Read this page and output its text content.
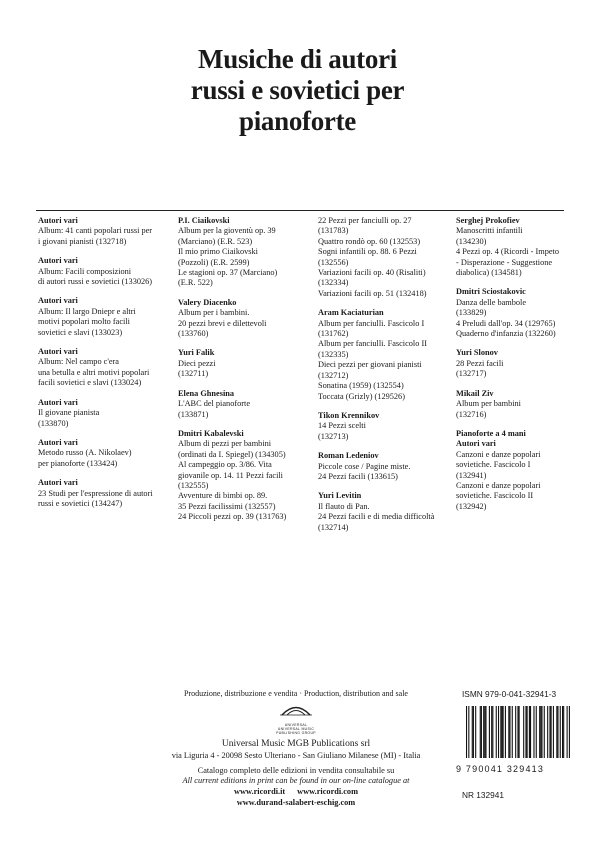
Musiche di autori
russi e sovietici per
pianoforte
Autori vari
Album: 41 canti popolari russi per
i giovani pianisti (132718)
Autori vari
Album: Facili composizioni
di autori russi e sovietici (133026)
Autori vari
Album: Il largo Dniepr e altri
motivi popolari molto facili
sovietici e slavi (133023)
Autori vari
Album: Nel campo c'era
una betulla e altri motivi popolari
facili sovietici e slavi (133024)
Autori vari
Il giovane pianista
(133870)
Autori vari
Metodo russo (A. Nikolaev)
per pianoforte (133424)
Autori vari
23 Studi per l'espressione di autori
russi e sovietici (134247)
P.I. Ciaikovski
Album per la gioventù op. 39
(Marciano) (E.R. 523)
Il mio primo Ciaikovski
(Pozzoli) (E.R. 2599)
Le stagioni op. 37 (Marciano)
(E.R. 522)
Valery Diacenko
Album per i bambini.
20 pezzi brevi e dilettevoli
(133760)
Yuri Falik
Dieci pezzi
(132711)
Elena Ghnesina
L'ABC del pianoforte
(133871)
Dmitri Kabalevski
Album di pezzi per bambini
(ordinati da I. Spiegel) (134305)
Al campeggio op. 3/86. Vita
giovanile op. 14. 11 Pezzi facili
(132555)
Avventure di bimbi op. 89.
35 Pezzi facilissimi (132557)
24 Piccoli pezzi op. 39 (131763)
22 Pezzi per fanciulli op. 27
(131783)
Quattro rondò op. 60 (132553)
Sogni infantili op. 88. 6 Pezzi
(132556)
Variazioni facili op. 40 (Risaliti)
(132334)
Variazioni facili op. 51 (132418)
Aram Kaciaturian
Album per fanciulli. Fascicolo I
(131762)
Album per fanciulli. Fascicolo II
(132335)
Dieci pezzi per giovani pianisti
(132712)
Sonatina (1959) (132554)
Toccata (Grizly) (129526)
Tikon Krennikov
14 Pezzi scelti
(132713)
Roman Ledeniov
Piccole cose / Pagine miste.
24 Pezzi facili (133615)
Yuri Levitin
Il flauto di Pan.
24 Pezzi facili e di media difficoltà
(132714)
Serghej Prokofiev
Manoscritti infantili
(134230)
4 Pezzi op. 4 (Ricordi - Impeto
- Disperazione - Suggestione
diabolica) (134581)
Dmitri Sciostakovic
Danza delle bambole
(133829)
4 Preludi dall'op. 34 (129765)
Quaderno d'infanzia (132260)
Yuri Slonov
28 Pezzi facili
(132717)
Mikail Ziv
Album per bambini
(132716)
Pianoforte a 4 mani
Autori vari
Canzoni e danze popolari
sovietiche. Fascicolo I
(132941)
Canzoni e danze popolari
sovietiche. Fascicolo II
(132942)
Produzione, distribuzione e vendita · Production, distribution and sale
UNIVERSAL
UNIVERSAL MUSIC
PUBLISHING GROUP
Universal Music MGB Publications srl
via Liguria 4 - 20098 Sesto Ulteriano - San Giuliano Milanese (MI) - Italia
Catalogo completo delle edizioni in vendita consultabile su
All current editions in print can be found in our on-line catalogue at
www.ricordi.it www.ricordi.com
www.durand-salabert-eschig.com
ISMN 979-0-041-32941-3
9 790041 329413
NR 132941
